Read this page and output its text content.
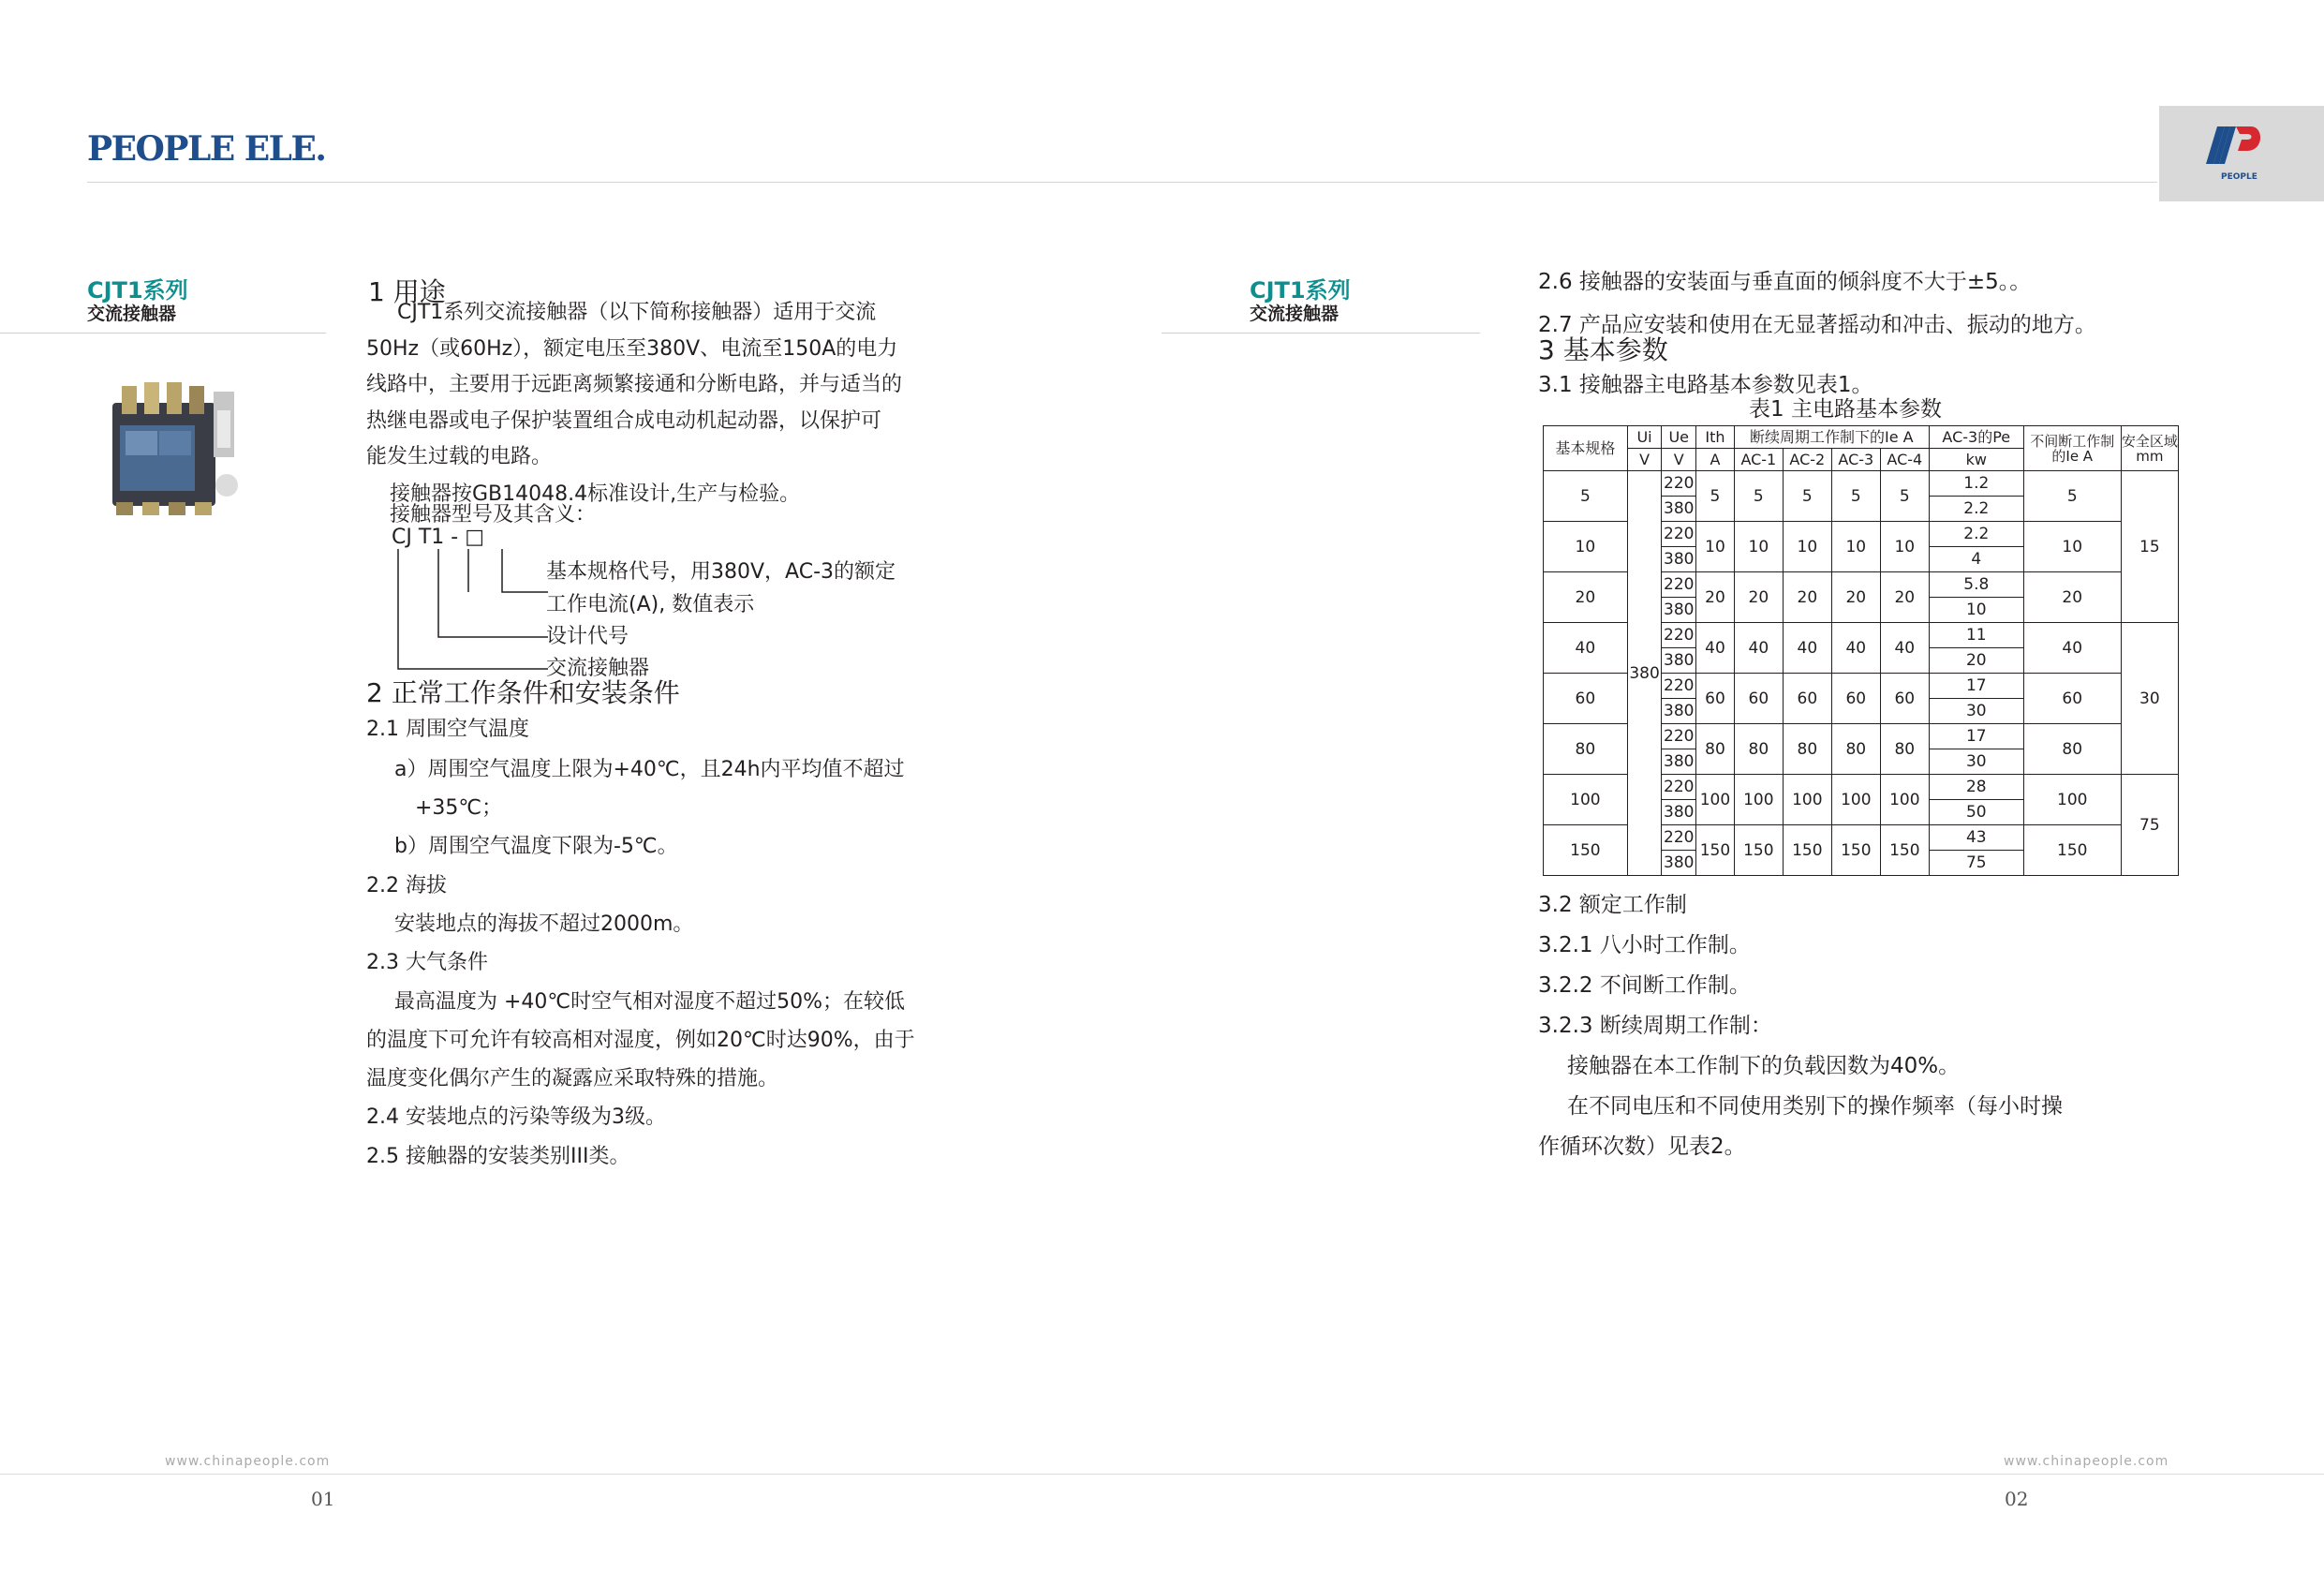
PEOPLE ELE.
PEOPLE
CJT1系列
交流接触器
1 用途
CJT1系列交流接触器（以下简称接触器）适用于交流
50Hz（或60Hz），额定电压至380V、电流至150A的电力
线路中，主要用于远距离频繁接通和分断电路，并与适当的
热继电器或电子保护装置组合成电动机起动器，以保护可
能发生过载的电路。
接触器按GB14048.4标准设计,生产与检验。
接触器型号及其含义：
CJ T1 - □
基本规格代号，用380V，AC-3的额定
工作电流(A), 数值表示
设计代号
交流接触器
2 正常工作条件和安装条件
2.1 周围空气温度
a）周围空气温度上限为+40℃，且24h内平均值不超过
+35℃；
b）周围空气温度下限为-5℃。
2.2 海拔
安装地点的海拔不超过2000m。
2.3 大气条件
最高温度为 +40℃时空气相对湿度不超过50%；在较低
的温度下可允许有较高相对湿度，例如20℃时达90%，由于
温度变化偶尔产生的凝露应采取特殊的措施。
2.4 安装地点的污染等级为3级。
2.5 接触器的安装类别III类。
CJT1系列
交流接触器
2.6 接触器的安装面与垂直面的倾斜度不大于±5。。
2.7 产品应安装和使用在无显著摇动和冲击、振动的地方。
3 基本参数
3.1 接触器主电路基本参数见表1。
表1 主电路基本参数
基本规格	Ui	Ue	Ith	断续周期工作制下的Ie A				AC-3的Pe	不间断工作制的Ie A	安全区域mm
	V	V	A	AC-1	AC-2	AC-3	AC-4	kw		
5	380	220	5	5	5	5	5	1.2	5	15
		380						2.2		
10		220	10	10	10	10	10	2.2	10	
		380						4		
20		220	20	20	20	20	20	5.8	20	
		380						10		
40		220	40	40	40	40	40	11	40	30
		380						20		
60		220	60	60	60	60	60	17	60	
		380						30		
80		220	80	80	80	80	80	17	80	
		380						30		
100		220	100	100	100	100	100	28	100	75
		380						50		
150		220	150	150	150	150	150	43	150	
		380						75		
3.2 额定工作制
3.2.1 八小时工作制。
3.2.2 不间断工作制。
3.2.3 断续周期工作制：
接触器在本工作制下的负载因数为40%。
在不同电压和不同使用类别下的操作频率（每小时操
作循环次数）见表2。
www.chinapeople.com
01
www.chinapeople.com
02
